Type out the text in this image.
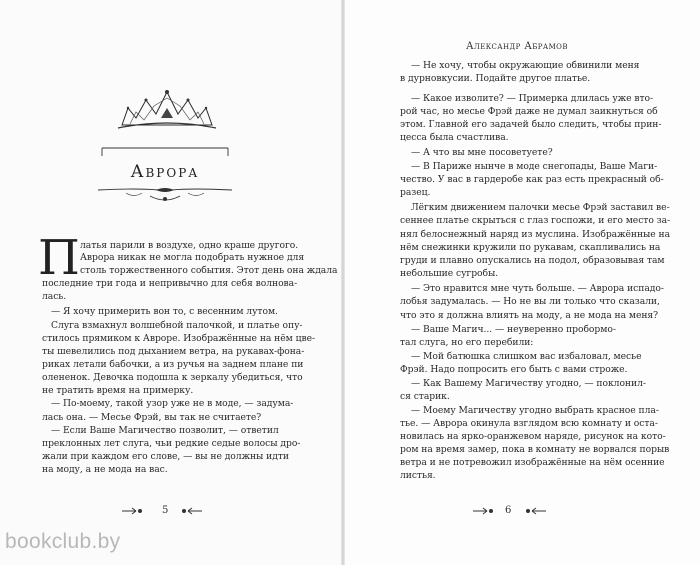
Аврора
П латья парили в воздухе, одно краше другого.
Аврора никак не могла подобрать нужное для
столь торжественного события. Этот день она ждала
последние три года и непривычно для себя волнова-
лась.
— Я хочу примерить вон то, с весенним лутом.
Слуга взмахнул волшебной палочкой, и платье опу-
стилось прямиком к Авроре. Изображённые на нём цве-
ты шевелились под дыханием ветра, на рукавах-фона-
риках летали бабочки, а из ручья на заднем плане пи
олененок. Девочка подошла к зеркалу убедиться, что
не тратить время на примерку.
— По-моему, такой узор уже не в моде, — задума-
лась она. — Месье Фрэй, вы так не считаете?
— Если Ваше Магичество позволит, — ответил
преклонных лет слуга, чьи редкие седые волосы дро-
жали при каждом его слове, — вы не должны идти
на моду, а не мода на вас.
5
Александр Абрамов
— Не хочу, чтобы окружающие обвинили меня
в дурновкусии. Подайте другое платье.
— Какое изволите? — Примерка длилась уже вто-
рой час, но месье Фрэй даже не думал заикнуться об
этом. Главной его задачей было следить, чтобы прин-
цесса была счастлива.
— А что вы мне посоветуете?
— В Париже нынче в моде снегопады, Ваше Маги-
чество. У вас в гардеробе как раз есть прекрасный об-
разец.
Лёгким движением палочки месье Фрэй заставил ве-
сеннее платье скрыться с глаз госпожи, и его место за-
нял белоснежный наряд из муслина. Изображённые на
нём снежинки кружили по рукавам, скапливались на
груди и плавно опускались на подол, образовывая там
небольшие сугробы.
— Это нравится мне чуть больше. — Аврора испадо-
лобья задумалась. — Но не вы ли только что сказали,
что это я должна влиять на моду, а не мода на меня?
— Ваше Магич... — неуверенно пробормо-
тал слуга, но его перебили:
— Мой батюшка слишком вас избаловал, месье
Фрэй. Надо попросить его быть с вами строже.
— Как Вашему Магичеству угодно, — поклонил-
ся старик.
— Моему Магичеству угодно выбрать красное пла-
тье. — Аврора окинула взглядом всю комнату и оста-
новилась на ярко-оранжевом наряде, рисунок на кото-
ром на время замер, пока в комнату не ворвался порыв
ветра и не потревожил изображённые на нём осенние
листья.
6
bookclub.by
